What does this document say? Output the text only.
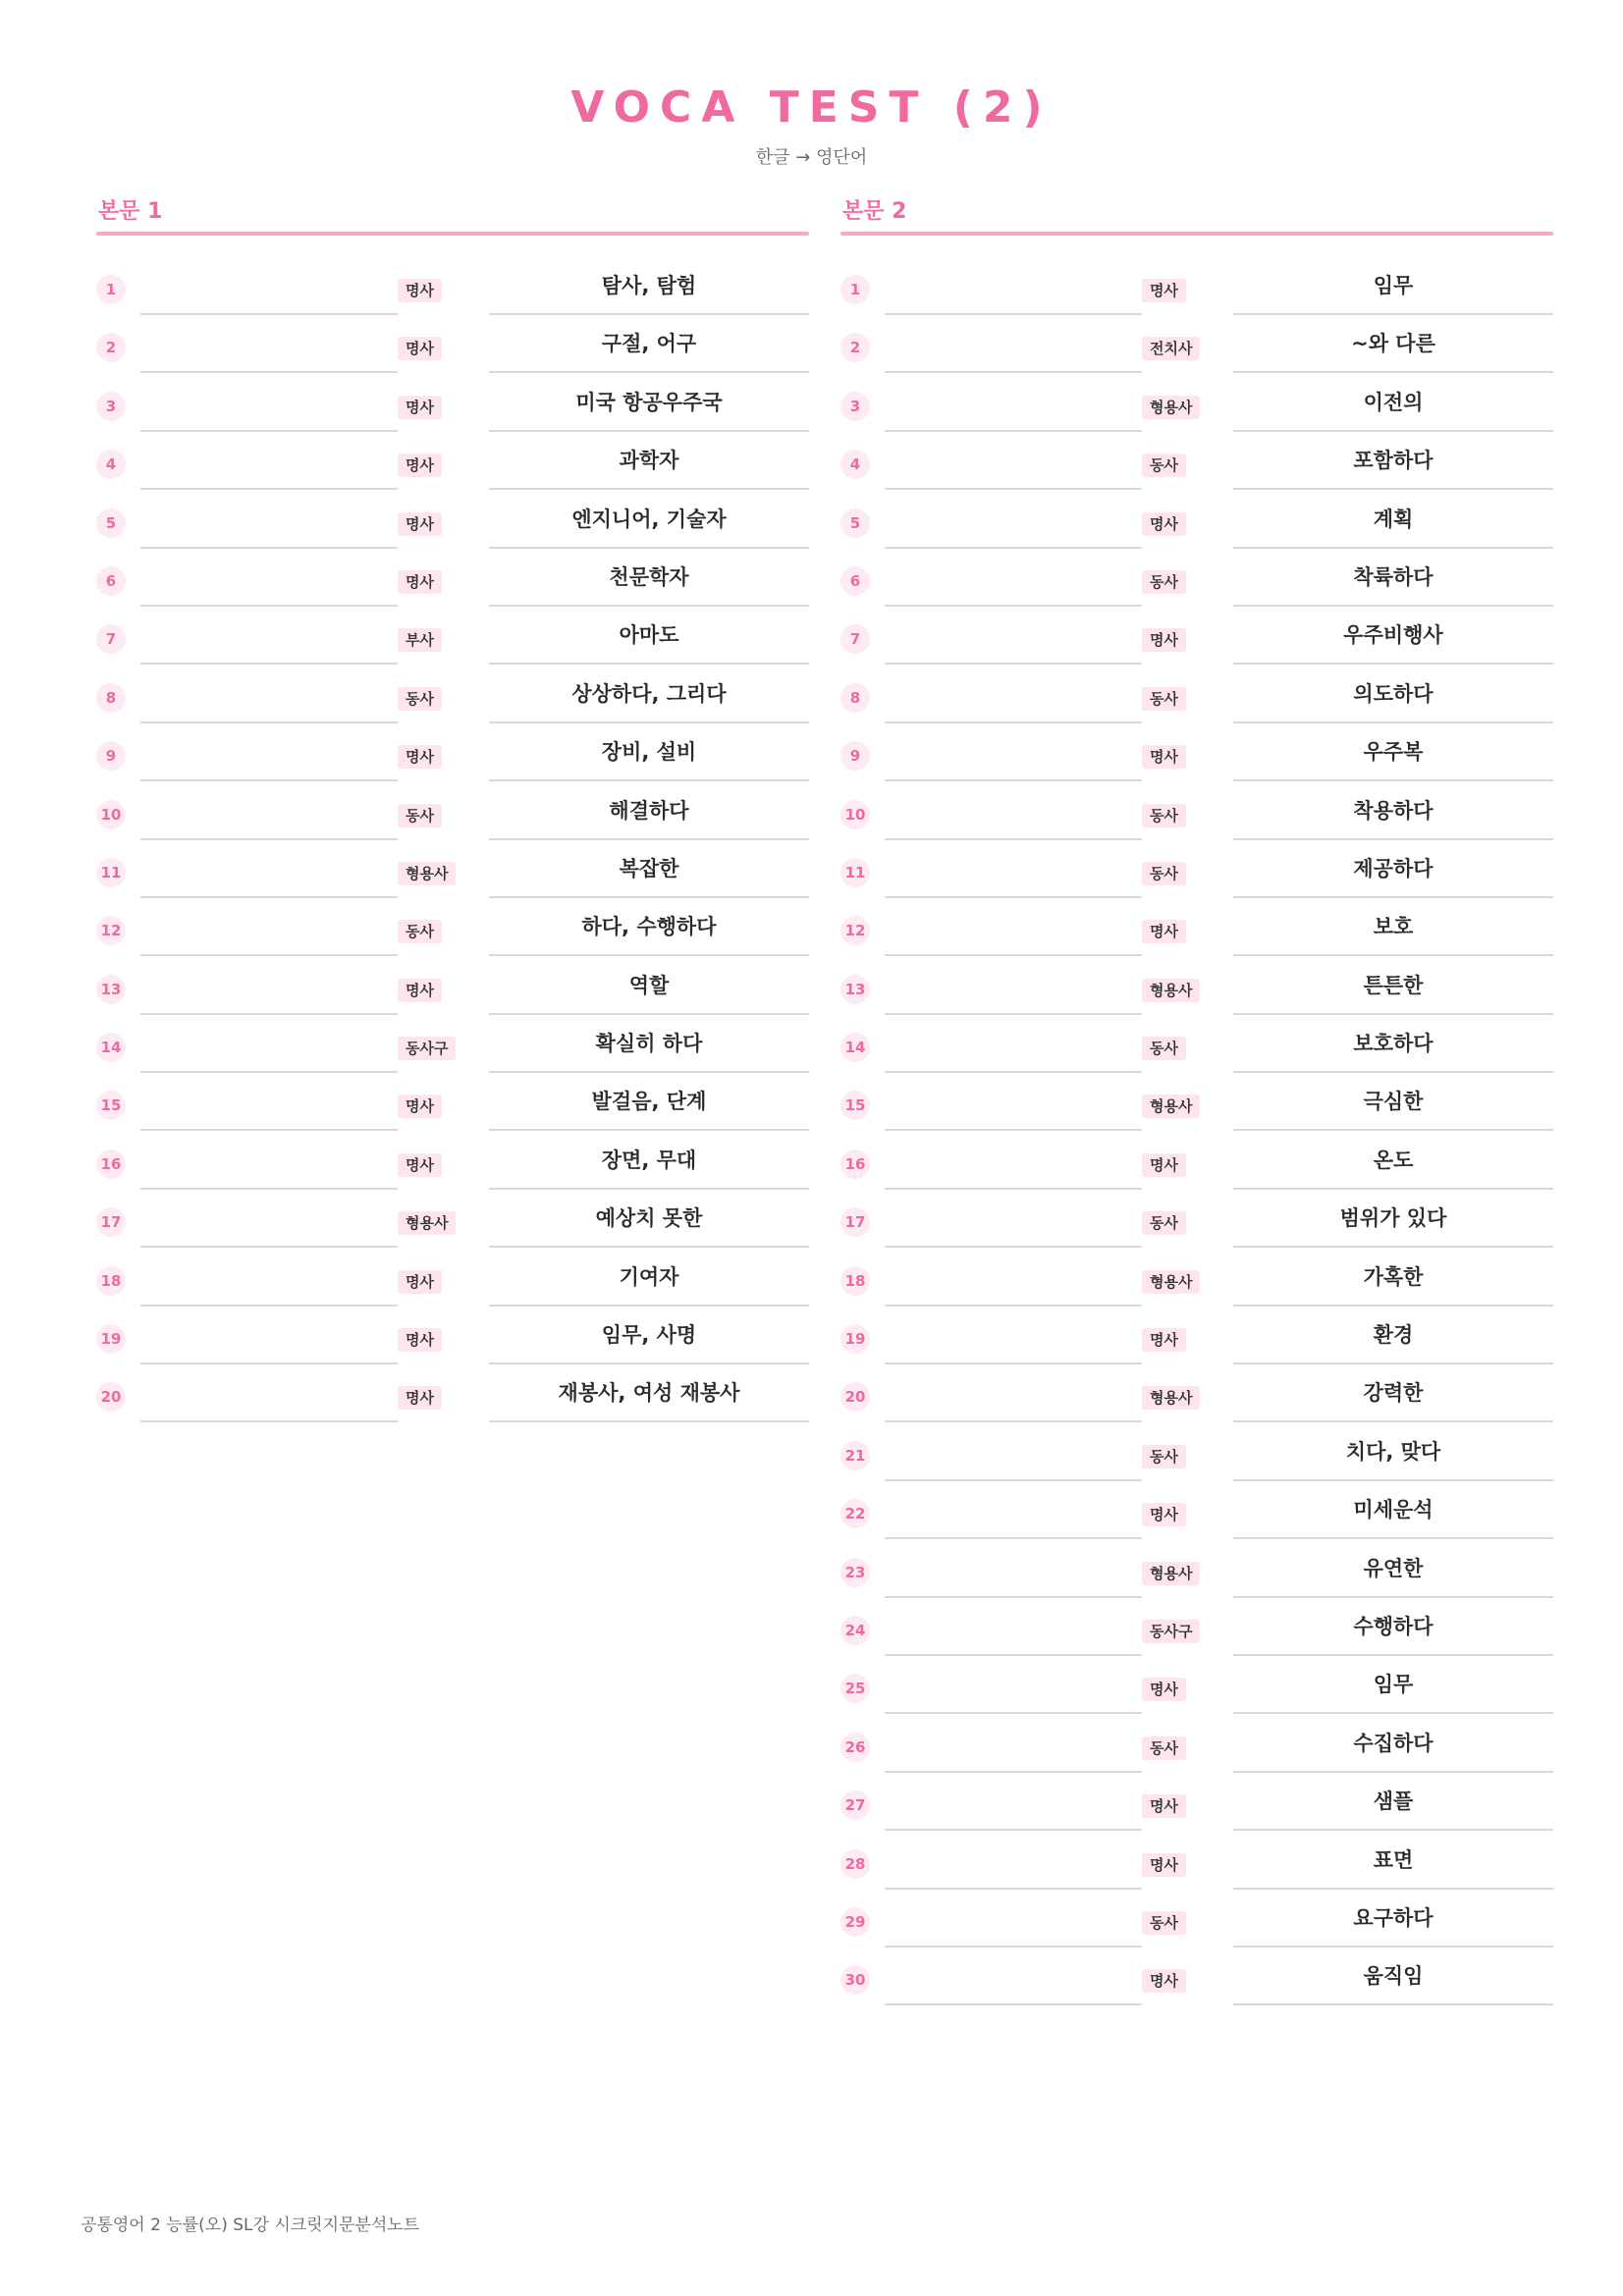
VOCA TEST (2)
한글 → 영단어
본문 1
1	명사	탐사, 탐험
2	명사	구절, 어구
3	명사	미국 항공우주국
4	명사	과학자
5	명사	엔지니어, 기술자
6	명사	천문학자
7	부사	아마도
8	동사	상상하다, 그리다
9	명사	장비, 설비
10	동사	해결하다
11	형용사	복잡한
12	동사	하다, 수행하다
13	명사	역할
14	동사구	확실히 하다
15	명사	발걸음, 단계
16	명사	장면, 무대
17	형용사	예상치 못한
18	명사	기여자
19	명사	임무, 사명
20	명사	재봉사, 여성 재봉사
본문 2
1	명사	임무
2	전치사	~와 다른
3	형용사	이전의
4	동사	포함하다
5	명사	계획
6	동사	착륙하다
7	명사	우주비행사
8	동사	의도하다
9	명사	우주복
10	동사	착용하다
11	동사	제공하다
12	명사	보호
13	형용사	튼튼한
14	동사	보호하다
15	형용사	극심한
16	명사	온도
17	동사	범위가 있다
18	형용사	가혹한
19	명사	환경
20	형용사	강력한
21	동사	치다, 맞다
22	명사	미세운석
23	형용사	유연한
24	동사구	수행하다
25	명사	임무
26	동사	수집하다
27	명사	샘플
28	명사	표면
29	동사	요구하다
30	명사	움직임
공통영어 2 능률(오) SL강 시크릿지문분석노트
